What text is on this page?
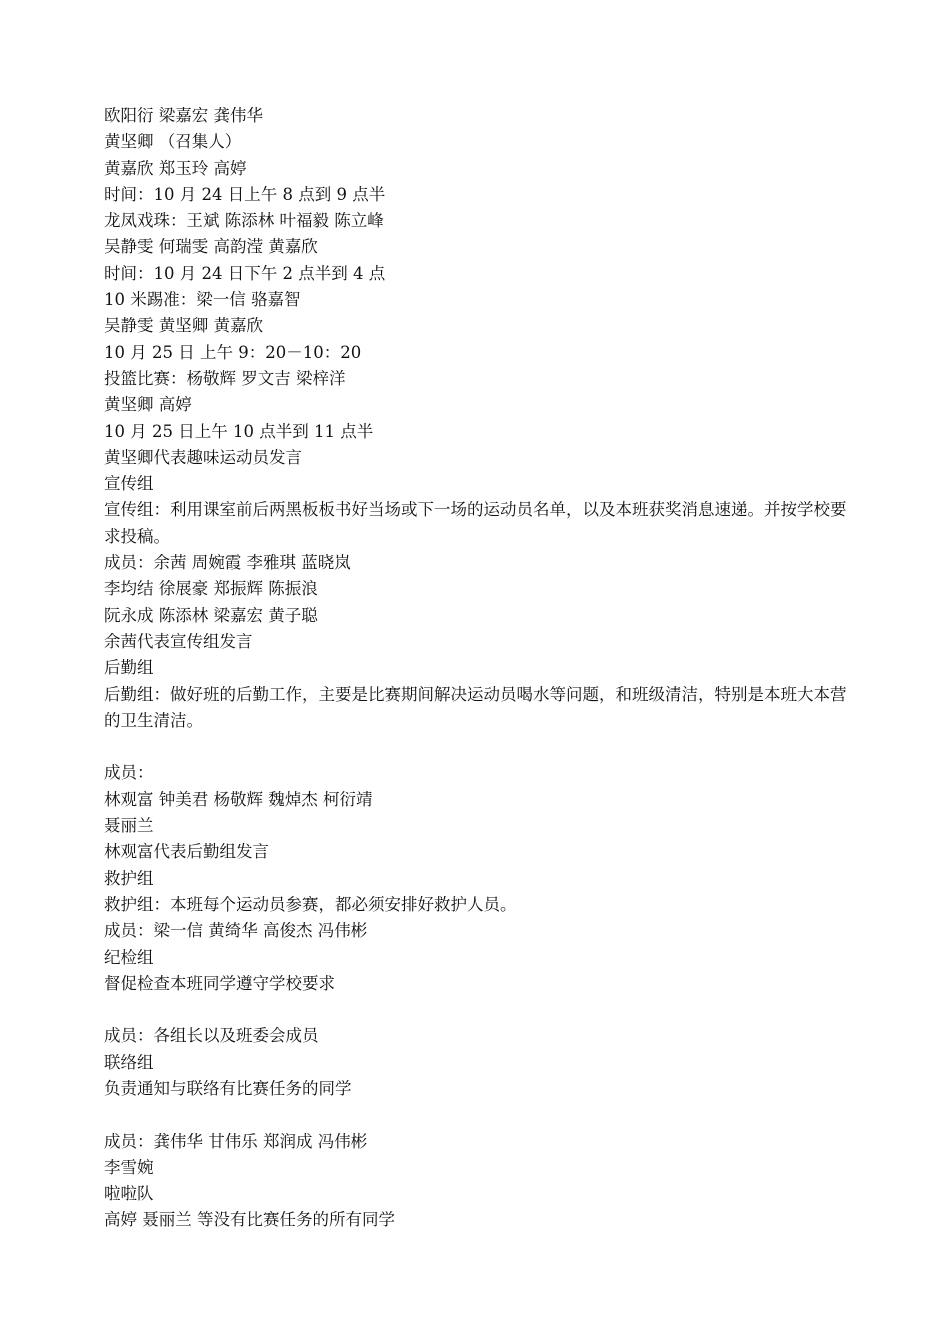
欧阳衍 梁嘉宏 龚伟华
黄坚卿 （召集人）
黄嘉欣 郑玉玲 高婷
时间：10 月 24 日上午 8 点到 9 点半
龙凤戏珠：王斌 陈添林 叶福毅 陈立峰
吴静雯 何瑞雯 高韵滢 黄嘉欣
时间：10 月 24 日下午 2 点半到 4 点
10 米踢准：梁一信 骆嘉智
吴静雯 黄坚卿 黄嘉欣
10 月 25 日 上午 9：20－10：20
投篮比赛：杨敬辉 罗文吉 梁梓洋
黄坚卿 高婷
10 月 25 日上午 10 点半到 11 点半
黄坚卿代表趣味运动员发言
宣传组
宣传组：利用课室前后两黑板板书好当场或下一场的运动员名单，以及本班获奖消息速递。并按学校要求投稿。
成员：余茜 周婉霞 李雅琪 蓝晓岚
李均结 徐展豪 郑振辉 陈振浪
阮永成 陈添林 梁嘉宏 黄子聪
余茜代表宣传组发言
后勤组
后勤组：做好班的后勤工作，主要是比赛期间解决运动员喝水等问题，和班级清洁，特别是本班大本营的卫生清洁。
成员：
林观富 钟美君 杨敬辉 魏焯杰 柯衍靖
聂丽兰
林观富代表后勤组发言
救护组
救护组：本班每个运动员参赛，都必须安排好救护人员。
成员：梁一信 黄绮华 高俊杰 冯伟彬
纪检组
督促检查本班同学遵守学校要求
成员：各组长以及班委会成员
联络组
负责通知与联络有比赛任务的同学
成员：龚伟华 甘伟乐 郑润成 冯伟彬
李雪婉
啦啦队
高婷 聂丽兰 等没有比赛任务的所有同学
